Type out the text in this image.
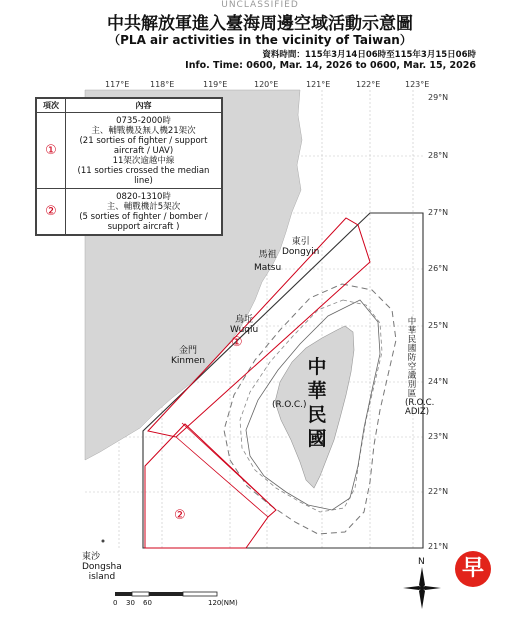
UNCLASSIFIED
中共解放軍進入臺海周邊空域活動示意圖
（PLA air activities in the vicinity of Taiwan）
資料時間：115年3月14日06時至115年3月15日06時
Info. Time: 0600, Mar. 14, 2026 to 0600, Mar. 15, 2026
117°E	118°E	119°E	120°E	121°E	122°E	123°E
29°N
28°N
27°N
26°N
25°N
24°N
23°N
22°N
21°N
項次	內容
①	0735-2000時
主、輔戰機及無人機21架次
(21 sorties of fighter / support aircraft / UAV)
11架次逾越中線
(11 sorties crossed the median line)

②	0820-1310時
主、輔戰機計5架次
(5 sorties of fighter / bomber / support aircraft )
東引
Dongyin
馬祖
Matsu
烏坵
Wuqiu
金門
Kinmen
東沙
Dongsha
island
①
②
中華民國
(R.O.C.)
中華民國防空識別區(R.O.C. ADIZ)
0 30 60	120 (NM)
N	早
